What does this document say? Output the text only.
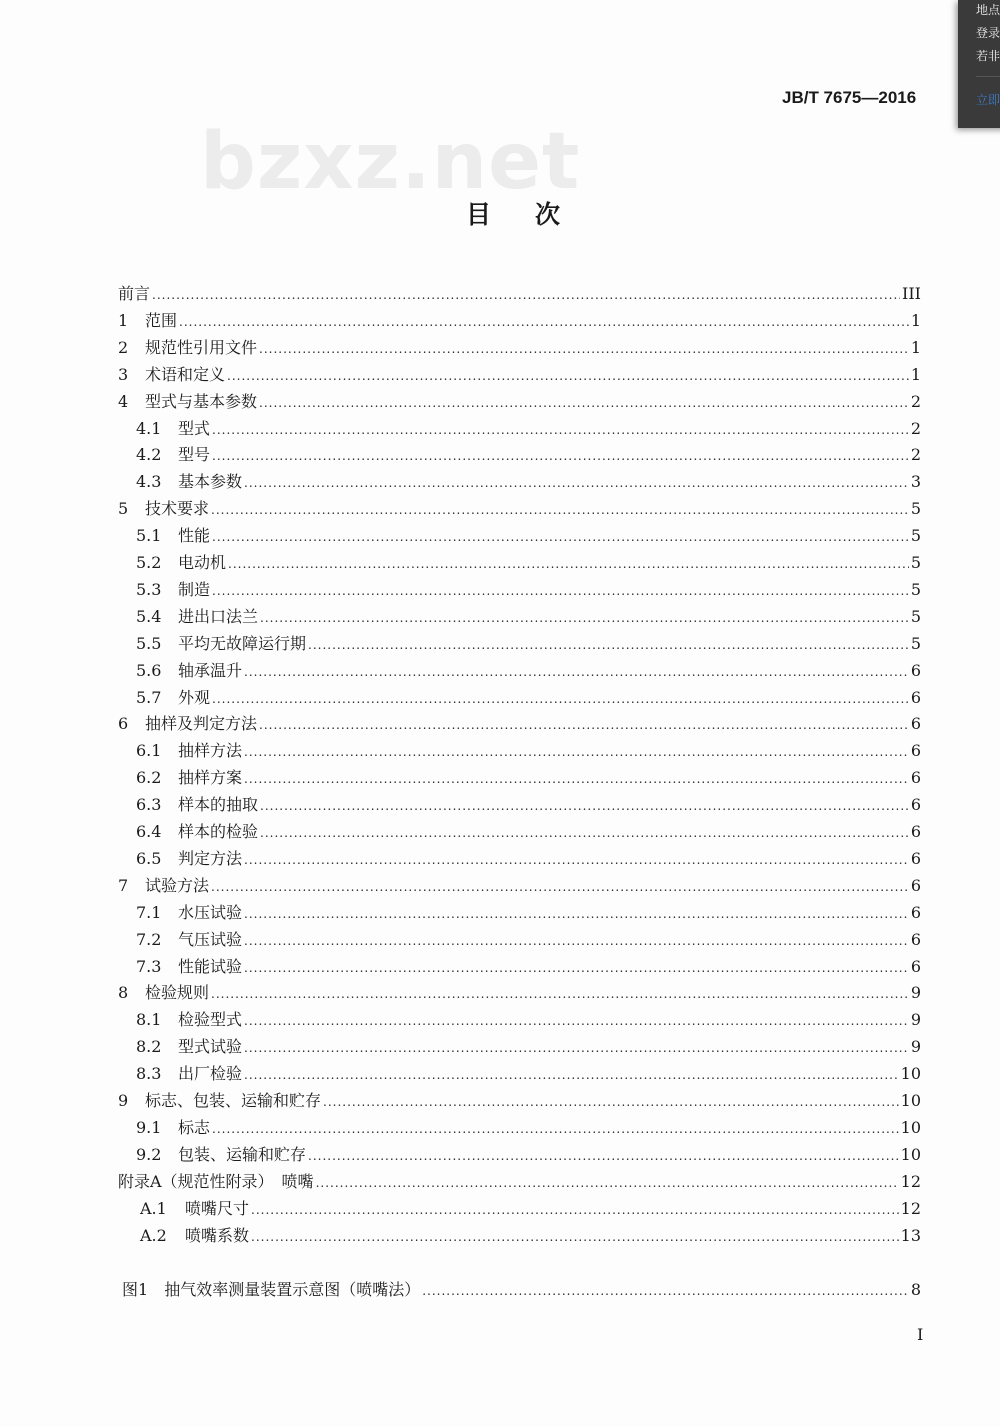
JB/T 7675—2016
bzxz.net
目次
前言 .....	III
1	范围 .....	1
2	规范性引用文件 .....	1
3	术语和定义 .....	1
4	型式与基本参数 .....	2
4.1	型式 .....	2
4.2	型号 .....	2
4.3	基本参数 .....	3
5	技术要求 .....	5
5.1	性能 .....	5
5.2	电动机 .....	5
5.3	制造 .....	5
5.4	进出口法兰 .....	5
5.5	平均无故障运行期 .....	5
5.6	轴承温升 .....	6
5.7	外观 .....	6
6	抽样及判定方法 .....	6
6.1	抽样方法 .....	6
6.2	抽样方案 .....	6
6.3	样本的抽取 .....	6
6.4	样本的检验 .....	6
6.5	判定方法 .....	6
7	试验方法 .....	6
7.1	水压试验 .....	6
7.2	气压试验 .....	6
7.3	性能试验 .....	6
8	检验规则 .....	9
8.1	检验型式 .....	9
8.2	型式试验 .....	9
8.3	出厂检验 .....	10
9	标志、包装、运输和贮存 .....	10
9.1	标志 .....	10
9.2	包装、运输和贮存 .....	10
附录A（规范性附录）　喷嘴 .....	12
A.1	喷嘴尺寸 .....	12
A.2	喷嘴系数 .....	13
图1 抽气效率测量装置示意图（喷嘴法） .....	8
I
地点
登录
若非
立即
